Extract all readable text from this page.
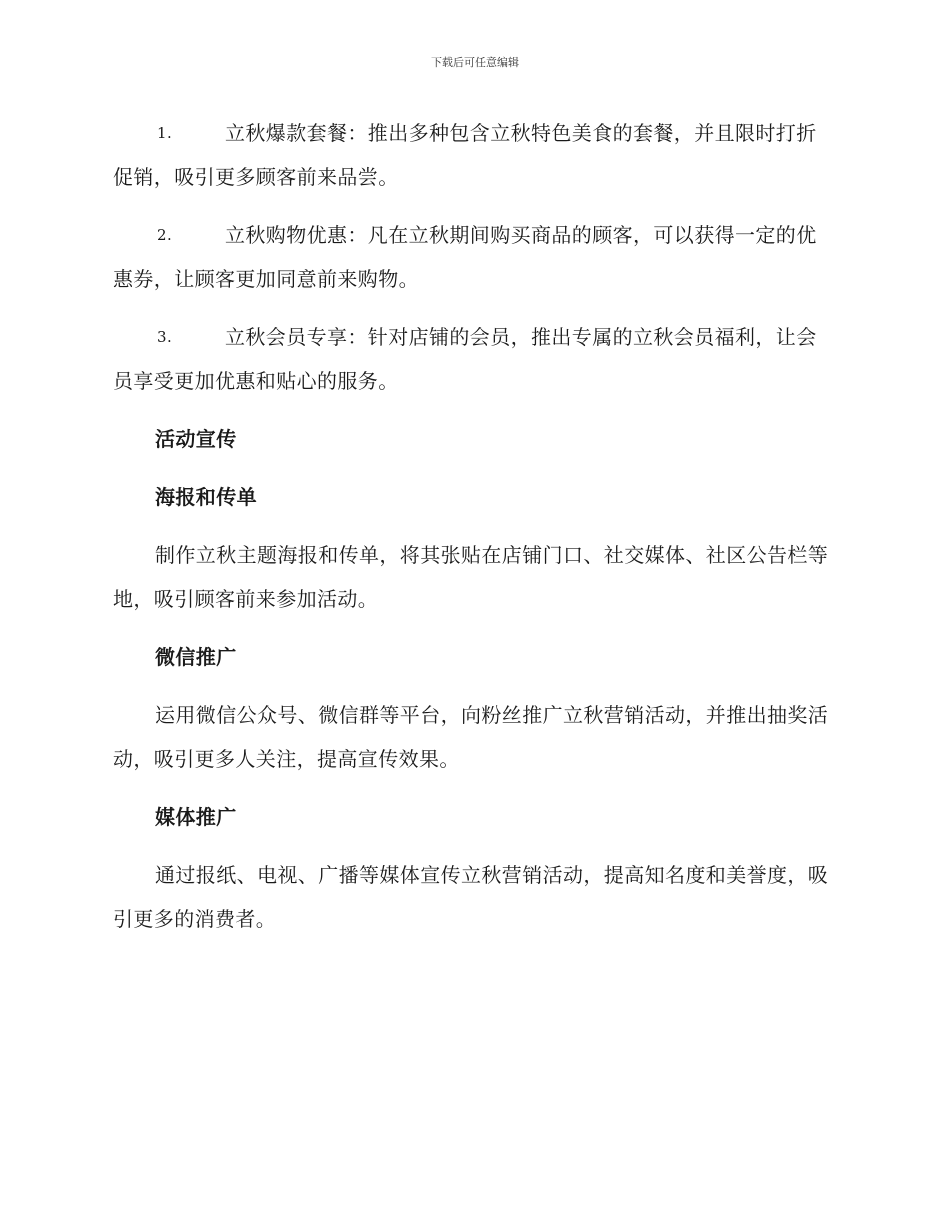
下载后可任意编辑
1.	立秋爆款套餐：推出多种包含立秋特色美食的套餐，并且限时打折促销，吸引更多顾客前来品尝。
2.	立秋购物优惠：凡在立秋期间购买商品的顾客，可以获得一定的优惠券，让顾客更加同意前来购物。
3.	立秋会员专享：针对店铺的会员，推出专属的立秋会员福利，让会员享受更加优惠和贴心的服务。
活动宣传
海报和传单

制作立秋主题海报和传单，将其张贴在店铺门口、社交媒体、社区公告栏等地，吸引顾客前来参加活动。

微信推广

运用微信公众号、微信群等平台，向粉丝推广立秋营销活动，并推出抽奖活动，吸引更多人关注，提高宣传效果。

媒体推广

通过报纸、电视、广播等媒体宣传立秋营销活动，提高知名度和美誉度，吸引更多的消费者。
